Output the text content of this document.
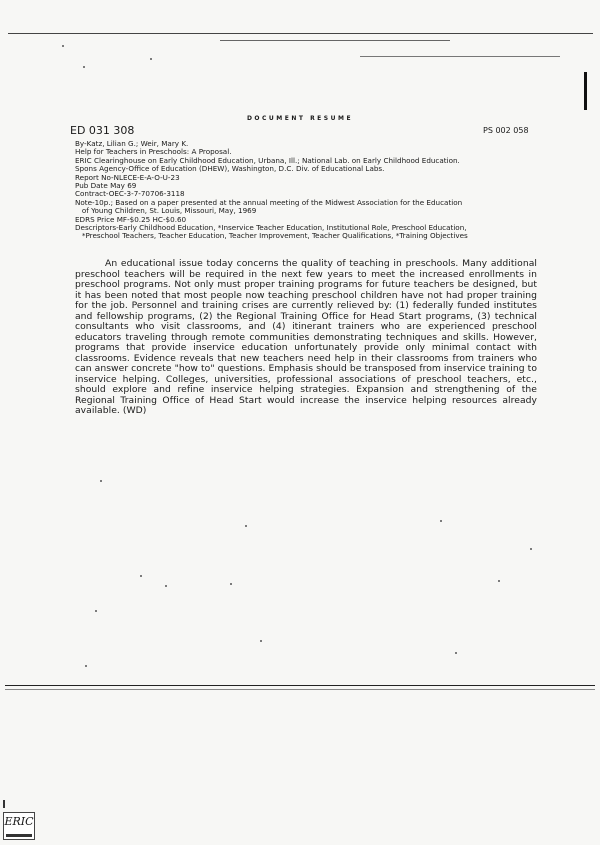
DOCUMENT RESUME
ED 031 308	PS 002 058
By-Katz, Lilian G.; Weir, Mary K.
Help for Teachers in Preschools: A Proposal.
ERIC Clearinghouse on Early Childhood Education, Urbana, Ill.; National Lab. on Early Childhood Education.
Spons Agency-Office of Education (DHEW), Washington, D.C. Div. of Educational Labs.
Report No-NLECE-E-A-O-U-23
Pub Date May 69
Contract-OEC-3-7-70706-3118
Note-10p.; Based on a paper presented at the annual meeting of the Midwest Association for the Education
of Young Children, St. Louis, Missouri, May, 1969
EDRS Price MF-$0.25 HC-$0.60
Descriptors-Early Childhood Education, *Inservice Teacher Education, Institutional Role, Preschool Education,
*Preschool Teachers, Teacher Education, Teacher Improvement, Teacher Qualifications, *Training Objectives
An educational issue today concerns the quality of teaching in preschools. Many additional preschool teachers will be required in the next few years to meet the increased enrollments in preschool programs. Not only must proper training programs for future teachers be designed, but it has been noted that most people now teaching preschool children have not had proper training for the job. Personnel and training crises are currently relieved by: (1) federally funded institutes and fellowship programs, (2) the Regional Training Office for Head Start programs, (3) technical consultants who visit classrooms, and (4) itinerant trainers who are experienced preschool educators traveling through remote communities demonstrating techniques and skills. However, programs that provide inservice education unfortunately provide only minimal contact with classrooms. Evidence reveals that new teachers need help in their classrooms from trainers who can answer concrete "how to" questions. Emphasis should be transposed from inservice training to inservice helping. Colleges, universities, professional associations of preschool teachers, etc., should explore and refine inservice helping strategies. Expansion and strengthening of the Regional Training Office of Head Start would increase the inservice helping resources already available. (WD)
ERIC
